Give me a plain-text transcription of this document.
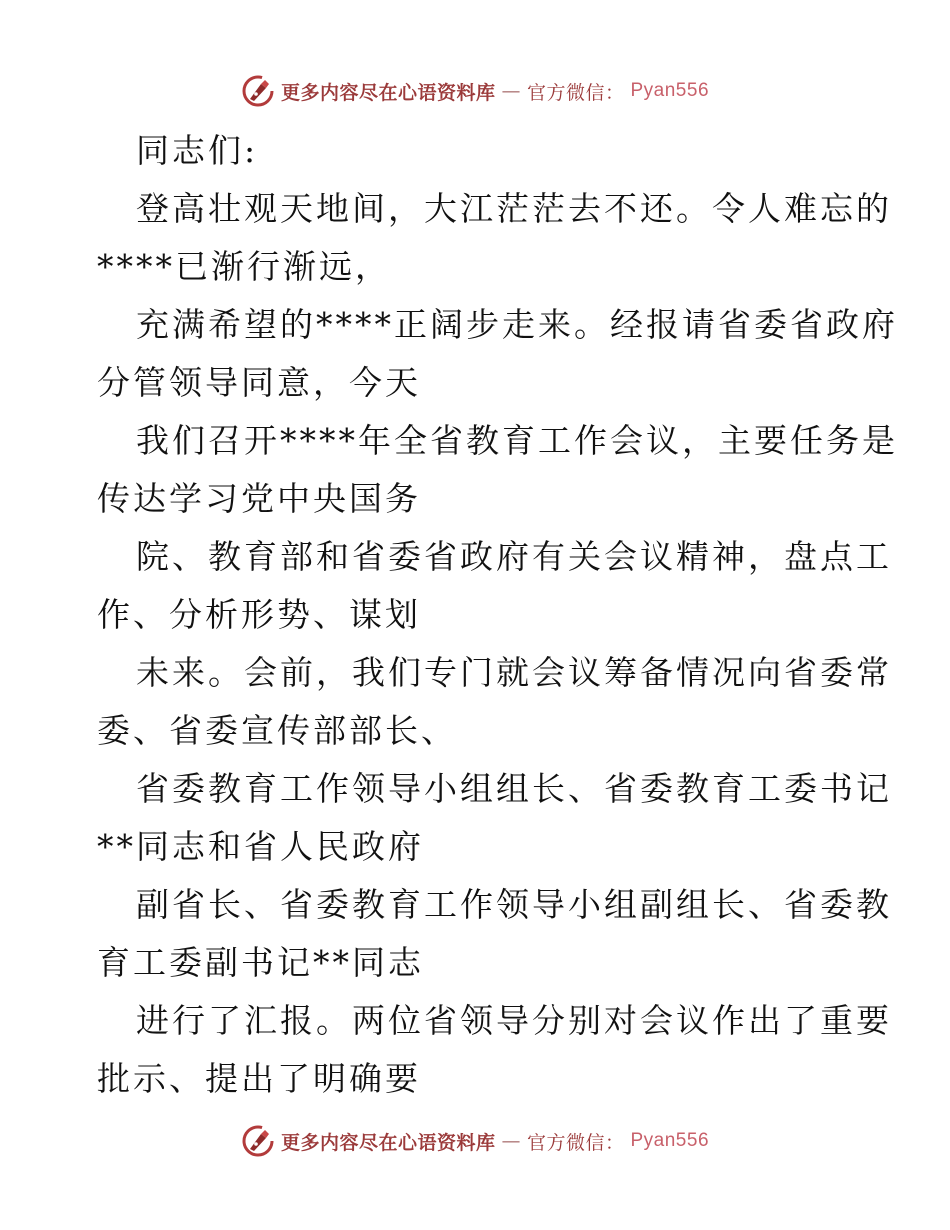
更多内容尽在心语资料库 — 官方微信： Pyan556
同志们:
登高壮观天地间，大江茫茫去不还。令人难忘的
****已渐行渐远，
充满希望的****正阔步走来。经报请省委省政府
分管领导同意，今天
我们召开****年全省教育工作会议，主要任务是
传达学习党中央国务
院、教育部和省委省政府有关会议精神，盘点工
作、分析形势、谋划
未来。会前，我们专门就会议筹备情况向省委常
委、省委宣传部部长、
省委教育工作领导小组组长、省委教育工委书记
**同志和省人民政府
副省长、省委教育工作领导小组副组长、省委教
育工委副书记**同志
进行了汇报。两位省领导分别对会议作出了重要
批示、提出了明确要
更多内容尽在心语资料库 — 官方微信： Pyan556
